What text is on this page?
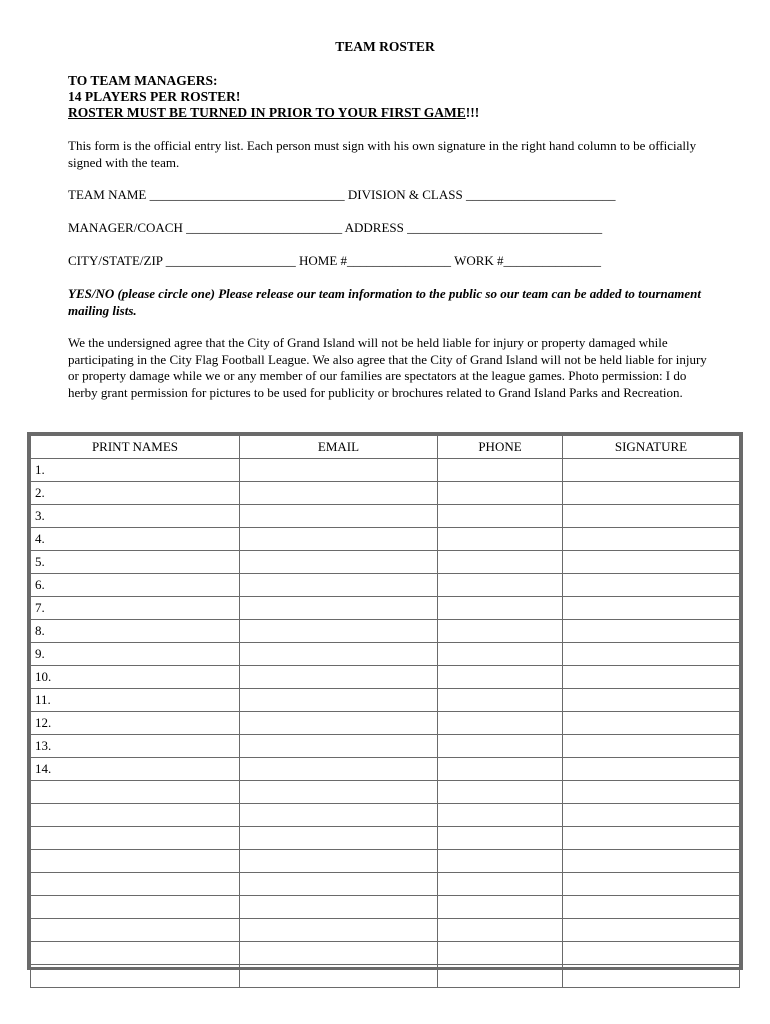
TEAM ROSTER
TO TEAM MANAGERS:
14 PLAYERS PER ROSTER!
ROSTER MUST BE TURNED IN PRIOR TO YOUR FIRST GAME!!!
This form is the official entry list. Each person must sign with his own signature in the right hand column to be officially signed with the team.
TEAM NAME ______________________________ DIVISION & CLASS _______________________
MANAGER/COACH ________________________ ADDRESS ______________________________
CITY/STATE/ZIP ____________________ HOME #________________ WORK #_______________
YES/NO (please circle one) Please release our team information to the public so our team can be added to tournament mailing lists.
We the undersigned agree that the City of Grand Island will not be held liable for injury or property damaged while participating in the City Flag Football League. We also agree that the City of Grand Island will not be held liable for injury or property damage while we or any member of our families are spectators at the league games. Photo permission: I do herby grant permission for pictures to be used for publicity or brochures related to Grand Island Parks and Recreation.
PRINT NAMES	EMAIL	PHONE	SIGNATURE
1.			
2.			
3.			
4.			
5.			
6.			
7.			
8.			
9.			
10.			
11.			
12.			
13.			
14.			
